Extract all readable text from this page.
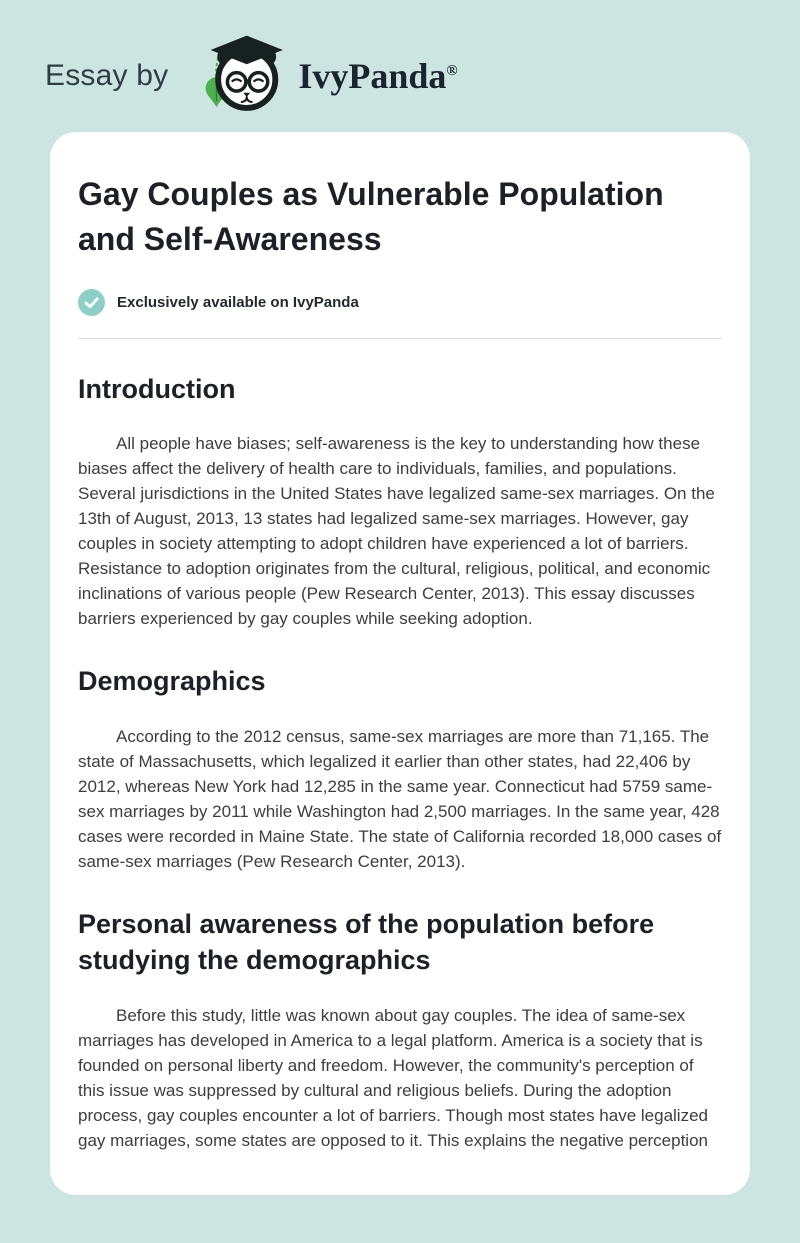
Essay by	IvyPanda®
Gay Couples as Vulnerable Population and Self-Awareness
Exclusively available on IvyPanda
Introduction

All people have biases; self-awareness is the key to understanding how these biases affect the delivery of health care to individuals, families, and populations. Several jurisdictions in the United States have legalized same-sex marriages. On the 13th of August, 2013, 13 states had legalized same-sex marriages. However, gay couples in society attempting to adopt children have experienced a lot of barriers. Resistance to adoption originates from the cultural, religious, political, and economic inclinations of various people (Pew Research Center, 2013). This essay discusses barriers experienced by gay couples while seeking adoption.

Demographics

According to the 2012 census, same-sex marriages are more than 71,165. The state of Massachusetts, which legalized it earlier than other states, had 22,406 by 2012, whereas New York had 12,285 in the same year. Connecticut had 5759 same-sex marriages by 2011 while Washington had 2,500 marriages. In the same year, 428 cases were recorded in Maine State. The state of California recorded 18,000 cases of same-sex marriages (Pew Research Center, 2013).

Personal awareness of the population before studying the demographics

Before this study, little was known about gay couples. The idea of same-sex marriages has developed in America to a legal platform. America is a society that is founded on personal liberty and freedom. However, the community's perception of this issue was suppressed by cultural and religious beliefs. During the adoption process, gay couples encounter a lot of barriers. Though most states have legalized gay marriages, some states are opposed to it. This explains the negative perception
